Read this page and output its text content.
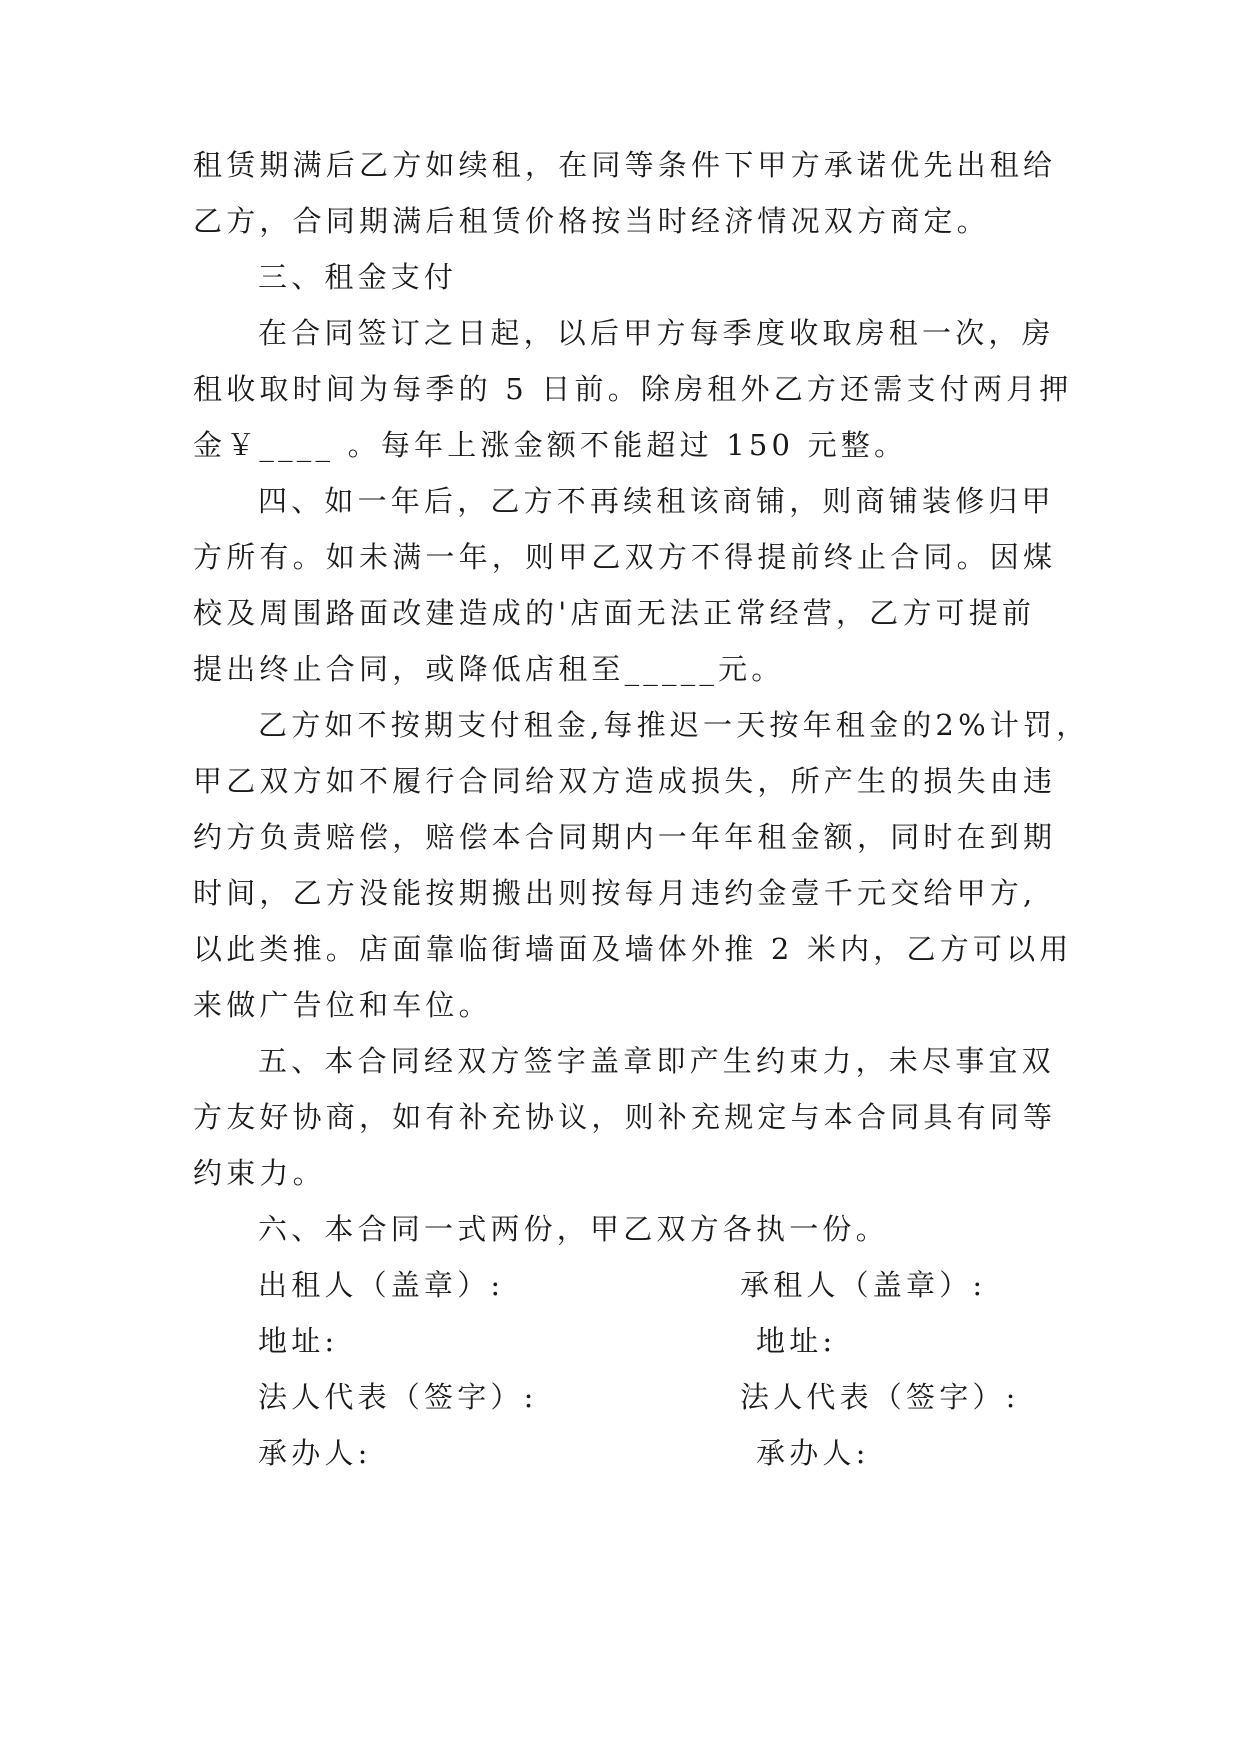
租赁期满后乙方如续租，在同等条件下甲方承诺优先出租给
乙方，合同期满后租赁价格按当时经济情况双方商定。
三、租金支付
在合同签订之日起，以后甲方每季度收取房租一次，房
租收取时间为每季的 5 日前。除房租外乙方还需支付两月押
金￥____ 。每年上涨金额不能超过 150 元整。
四、如一年后，乙方不再续租该商铺，则商铺装修归甲
方所有。如未满一年，则甲乙双方不得提前终止合同。因煤
校及周围路面改建造成的'店面无法正常经营，乙方可提前
提出终止合同，或降低店租至_____元。
乙方如不按期支付租金,每推迟一天按年租金的2%计罚，
甲乙双方如不履行合同给双方造成损失，所产生的损失由违
约方负责赔偿，赔偿本合同期内一年年租金额，同时在到期
时间，乙方没能按期搬出则按每月违约金壹千元交给甲方,
以此类推。店面靠临街墙面及墙体外推 2 米内，乙方可以用
来做广告位和车位。
五、本合同经双方签字盖章即产生约束力，未尽事宜双
方友好协商，如有补充协议，则补充规定与本合同具有同等
约束力。
六、本合同一式两份，甲乙双方各执一份。
出租人（盖章）:	承租人（盖章）:
地址:	地址:
法人代表（签字）:	法人代表（签字）:
承办人:	承办人:
